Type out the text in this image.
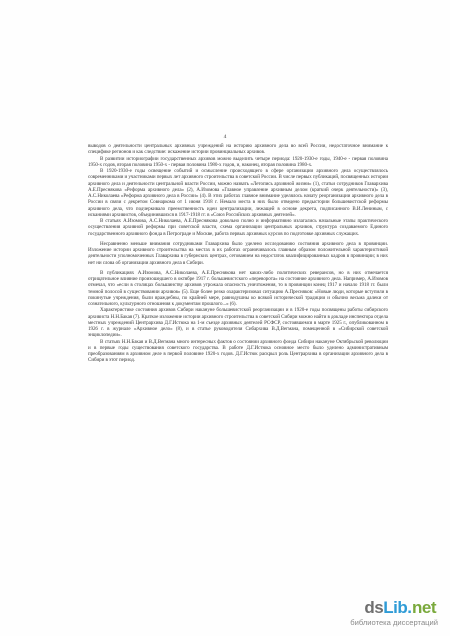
4

выводов о деятельности центральных архивных учреждений на историю архивного дела во всей России, недостаточное внимание к специфике регионов и как следствие: искажение истории провинциальных архивов.

В развитии историографии государственных архивов можно выделить четыре периода: 1920-1930-е годы, 1940-е - первая половина 1950-х годов, вторая половина 1950-х - первая половина 1980-х годов, и, наконец, вторая половина 1980-х.

В 1920-1930-е годы освещение событий и осмысление происходящего в сфере организации архивного дела осуществлялось современниками и участниками первых лет архивного строительства в советской России. В числе первых публикаций, посвященных истории архивного дела и деятельности центральной власти России, можно назвать «Летопись архивной жизни» (1), статьи сотрудников Главархива А.Е.Преснякова «Реформа архивного дела» (2), А.Изомова «Главное управление архивным делом (краткий очерк деятельности)» (3), А.С.Николаева «Реформа архивного дела в России» (4). В этих работах главное внимание уделялось начату реорганизации архивного дела в России в связи с декретом Совнаркома от 1 июня 1918 г. Немало места в них было отведено предыстории большевистской реформы архивного дела, что подчеркивало преемственность идеи централизации, лежащей в основе декрета, подписанного В.И.Лениным, с исканиями архивистов, объединившихся в 1917-1918 гг. в «Союз Российских архивных деятелей».

В статьях А.Изомова, А.С.Николаева, А.Е.Преснякова довольно полно и информативно излагались начальные этапы практического осуществления архивной реформы при советской власти, схема организации центральных архивов, структура создаваемого Единого государственного архивного фонда в Петрограде и Москве, работа первых архивных курсов по подготовке архивных служащих.

Несравненно меньше внимания сотрудниками Главархива было уделено исследованию состояния архивного дела в провинции. Изложение истории архивного строительства на местах в их работах ограничивалось главным образом положительной характеристикой деятельности уполномоченных Главархива в губернских центрах, сетованием на недостаток квалифицированных кадров в провинции; в них нет ни слова об организации архивного дела в Сибири.

В публикациях А.Изомова, А.С.Николаева, А.Е.Преснякова нет каких-либо политических реверансов, но в них отмечается отрицательное влияние произошедшего в октябре 1917 г. большевистского «переворота» на состояние архивного дела. Например, А.Изомов отмечал, что «если в столицах большинству архивов угрожала опасность уничтожения, то в провинции конец 1917 и начало 1918 гг. были темной полосой в существовании архивов» (5). Еще более резко охарактеризовал ситуацию А.Пресняков: «Новые люди, которые вступили в покинутые учреждения, были враждебны, по крайней мере, равнодушны ко всякой исторической традиции и обычно весьма далеки от сознательного, культурного отношения к документам прошлого...» (6).

Характеристике состояния архивов Сибири накануне большевистской реорганизации и в 1920-е годы посвящены работы сибирского архивиста Н.Н.Бакая (7). Краткое изложение истории архивного строительства в советской Сибири можно найти в докладе инспектора отдела местных учреждений Центрархива Д.Г.Истюка на 1-м съезде архивных деятелей РСФСР, состоявшемся в марте 1925 г., опубликованном в 1926 г. в журнале «Архивное дело» (8), и в статье руководителя Сибархива В.Д.Вегмана, помещенной в «Сибирской советской энциклопедии».

В статьях Н.Н.Бакая и В.Д.Вегмана много интересных фактов о состоянии архивного фонда Сибири накануне Октябрьской революции и в первые годы существования советского государства. В работе Д.Г.Истюка основное место было уделено административным преобразованиям в архивном деле в первой половине 1920-х годов. Д.Г.Истюк раскрыл роль Центрархива в организации архивного дела в Сибири в этот период.

ds Lib . net
библиотека диссертаций
